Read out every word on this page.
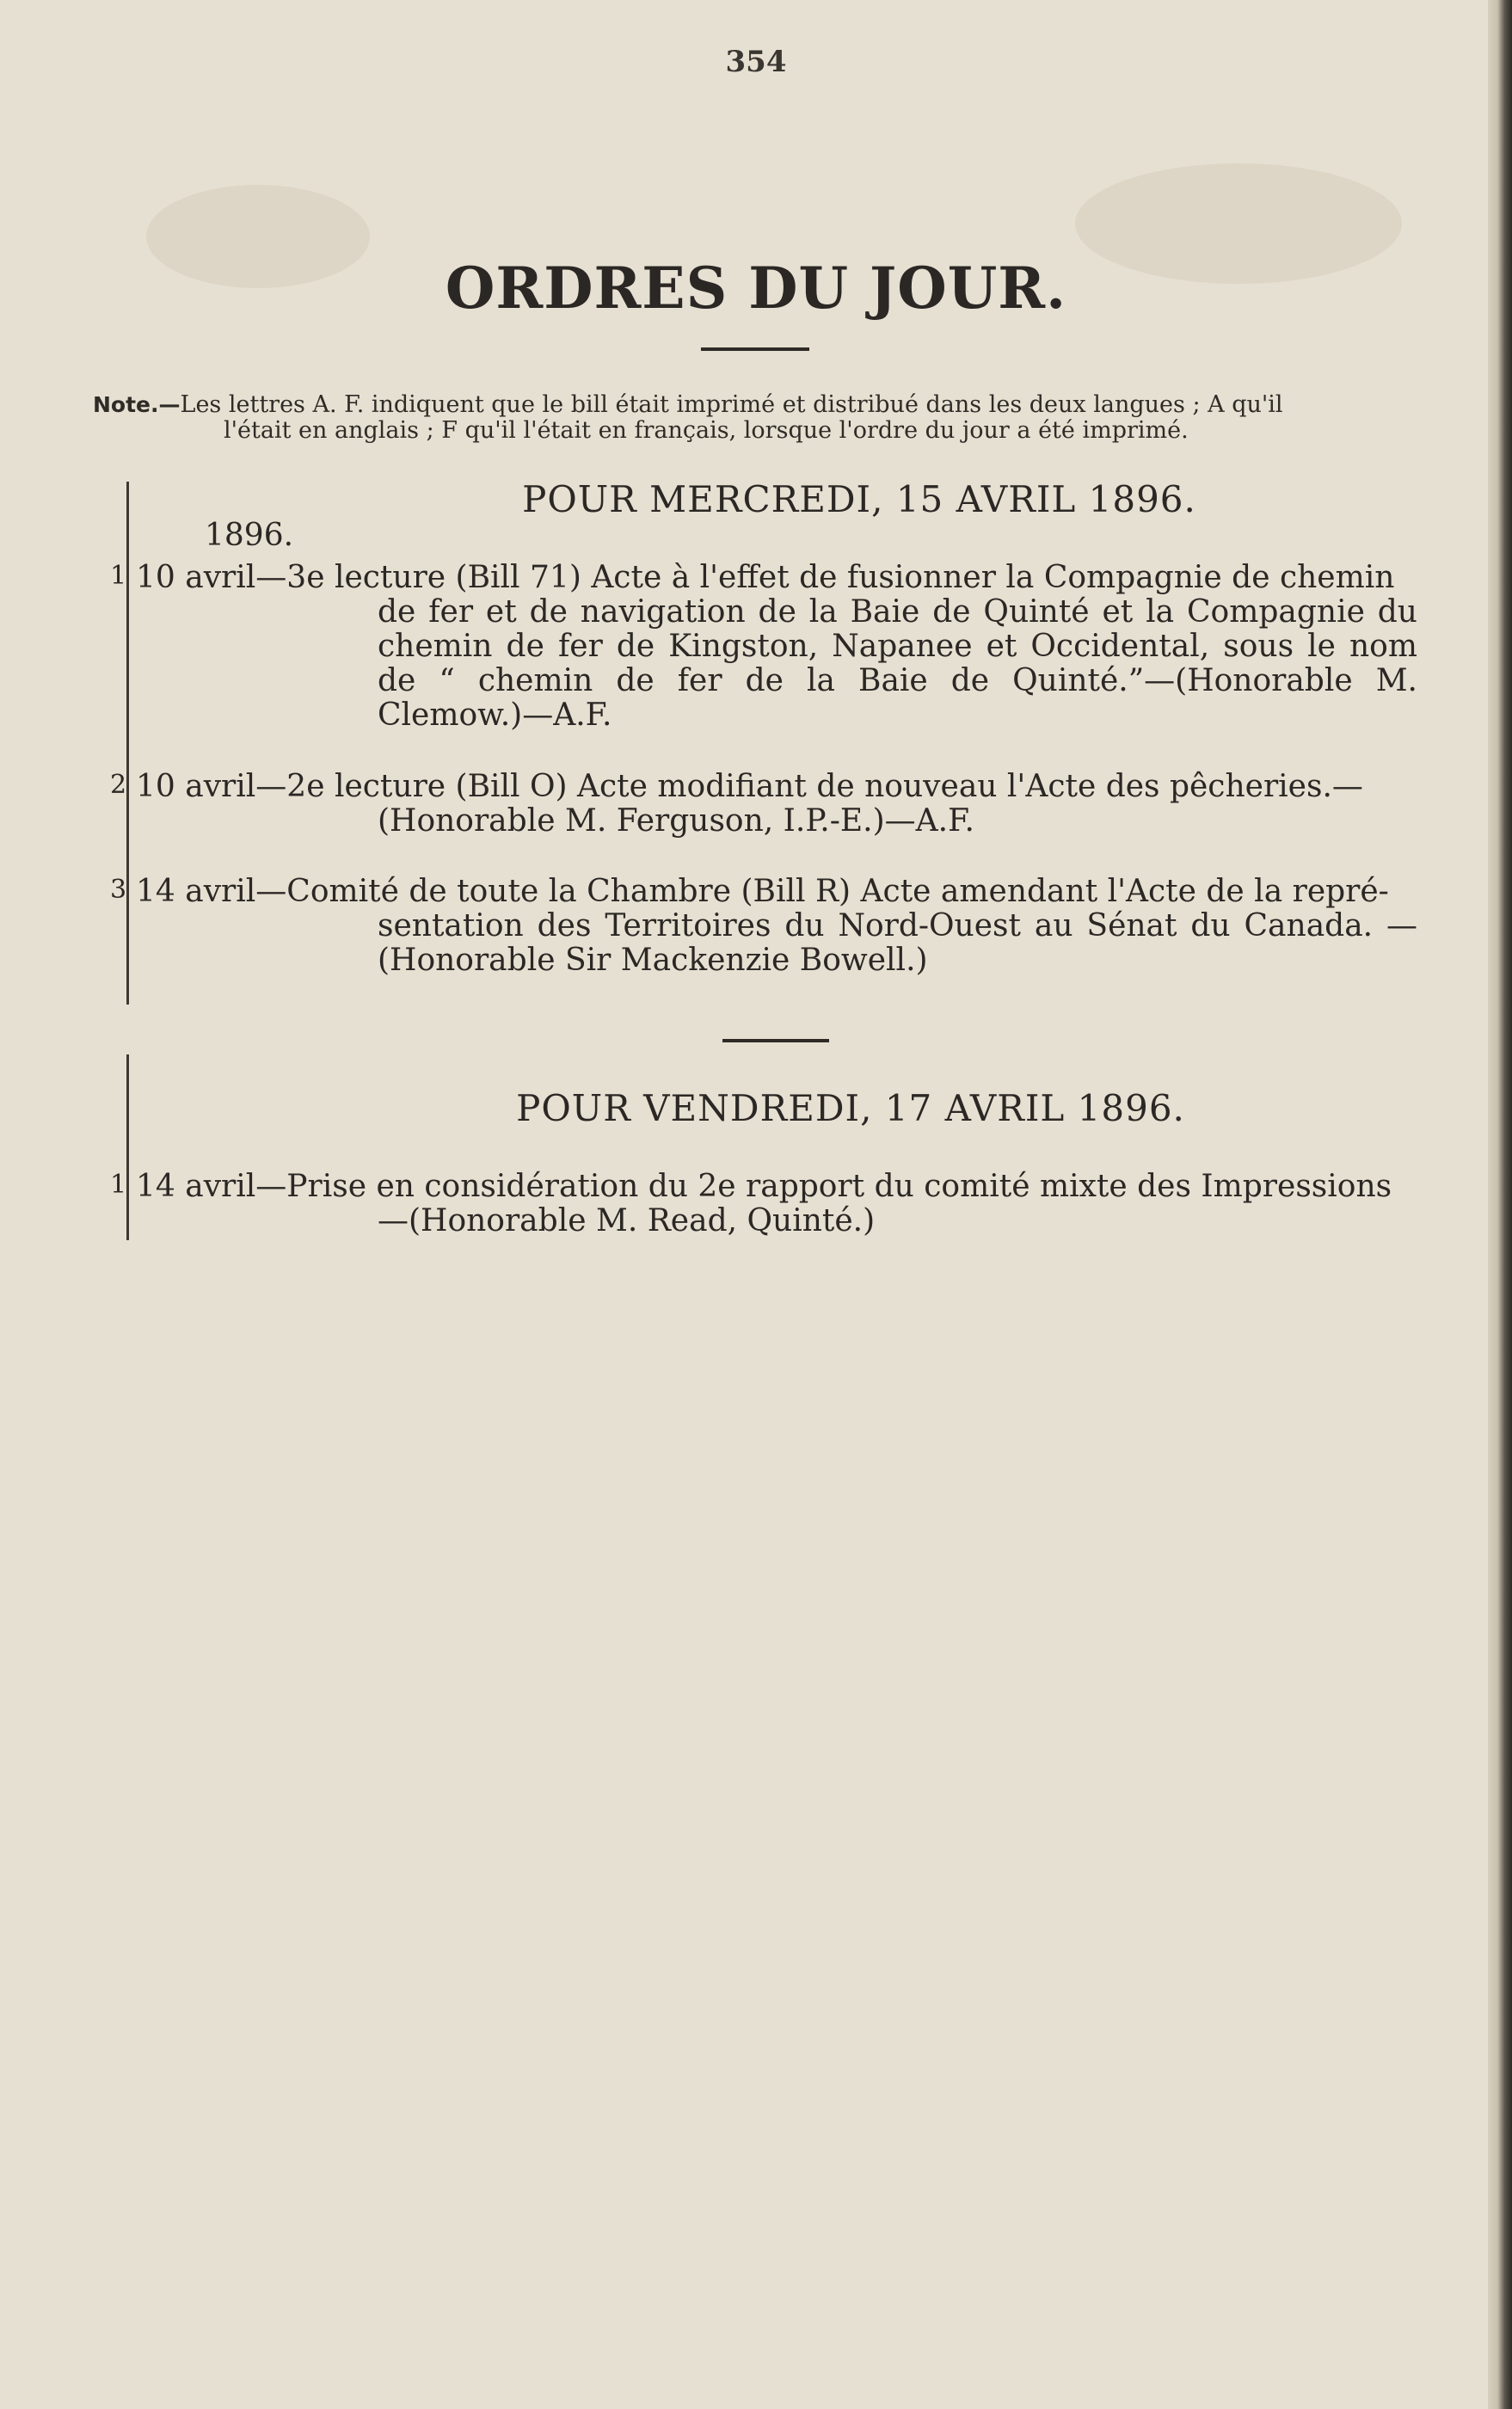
354
ORDRES DU JOUR.
Note.—Les lettres A. F. indiquent que le bill était imprimé et distribué dans les deux langues ; A qu'il
l'était en anglais ; F qu'il l'était en français, lorsque l'ordre du jour a été imprimé.
POUR MERCREDI, 15 AVRIL 1896.
1896.
1 10 avril—3e lecture (Bill 71) Acte à l'effet de fusionner la Compagnie de chemin
de fer et de navigation de la Baie de Quinté et la Compagnie du chemin de fer de Kingston, Napanee et Occidental, sous le nom de “ chemin de fer de la Baie de Quinté.”—(Honorable M. Clemow.)—A.F.
2 10 avril—2e lecture (Bill O) Acte modifiant de nouveau l'Acte des pêcheries.—
(Honorable M. Ferguson, I.P.-E.)—A.F.
3 14 avril—Comité de toute la Chambre (Bill R) Acte amendant l'Acte de la repré-
sentation des Territoires du Nord-Ouest au Sénat du Canada. —(Honorable Sir Mackenzie Bowell.)
POUR VENDREDI, 17 AVRIL 1896.
1 14 avril—Prise en considération du 2e rapport du comité mixte des Impressions
—(Honorable M. Read, Quinté.)
